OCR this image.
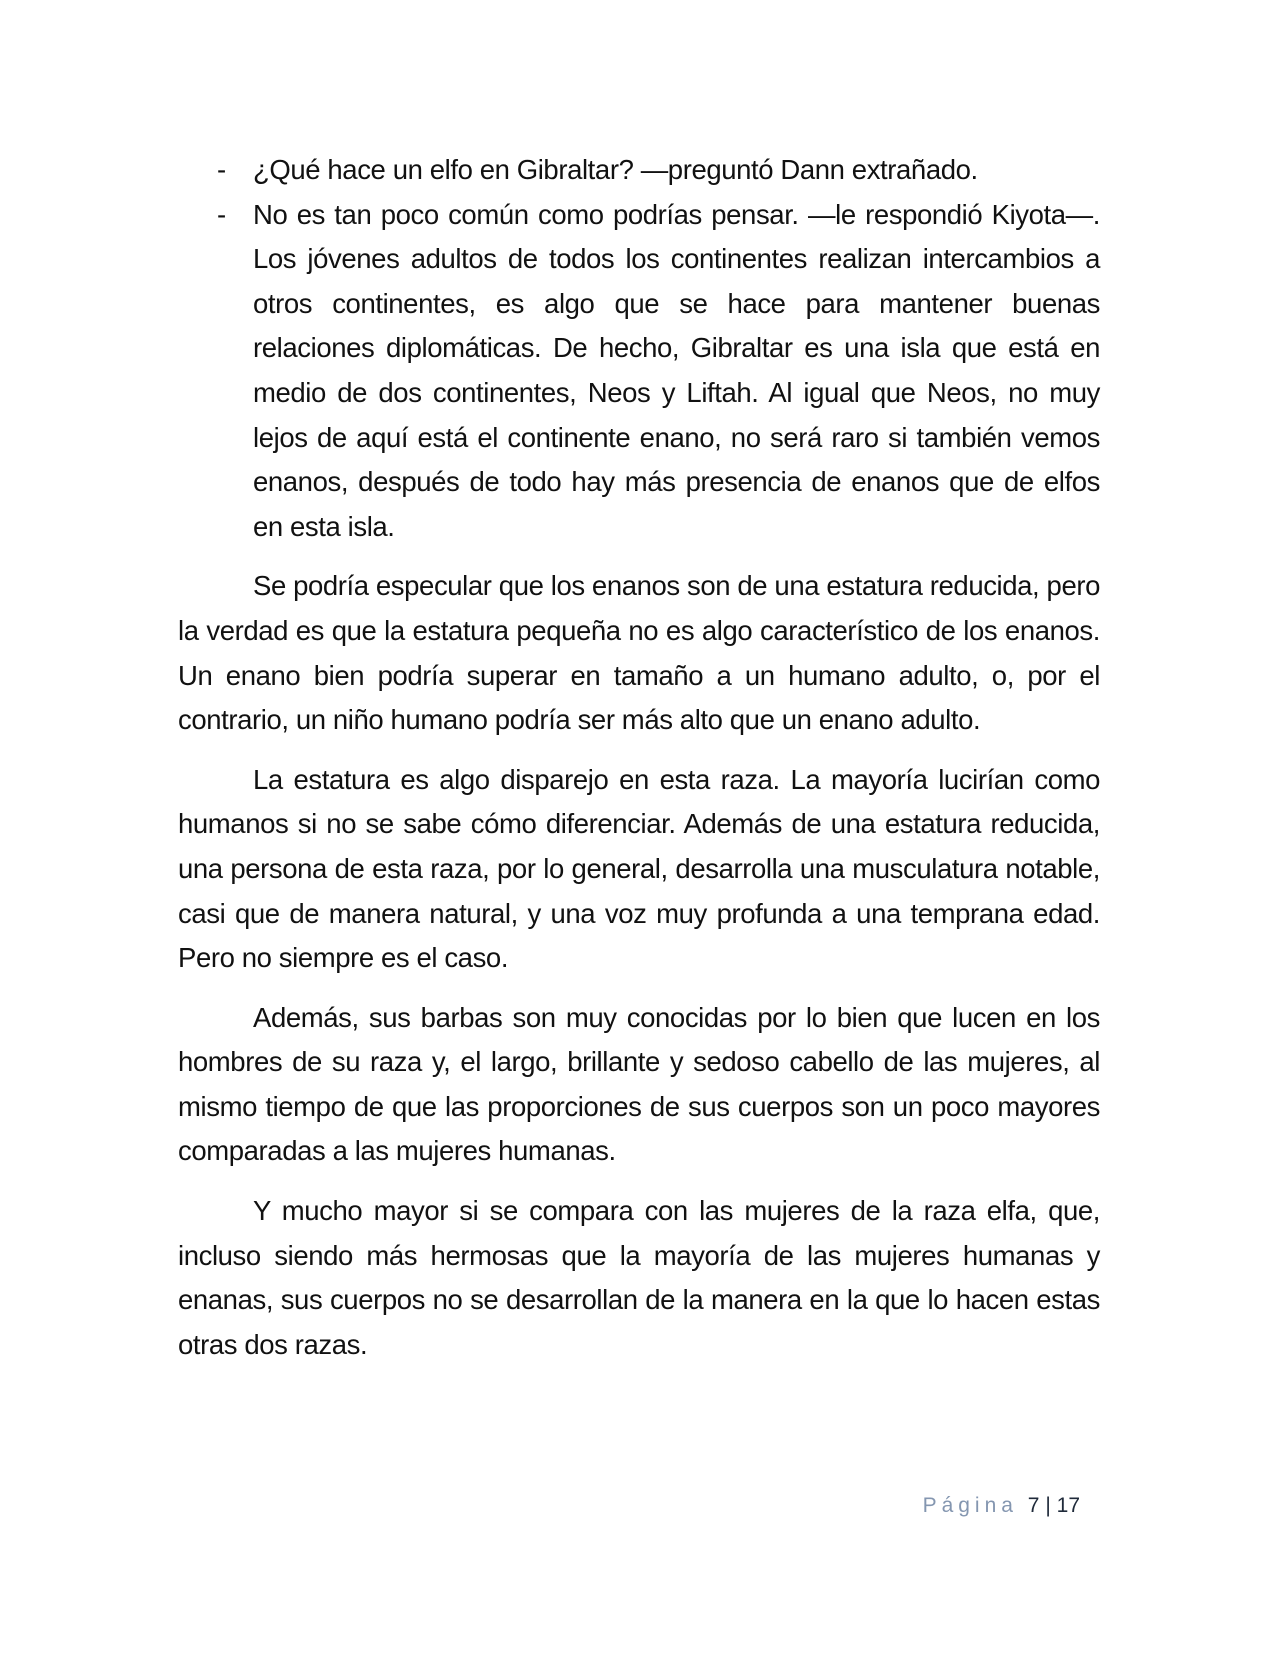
- ¿Qué hace un elfo en Gibraltar? —preguntó Dann extrañado.

- No es tan poco común como podrías pensar. —le respondió Kiyota—. Los jóvenes adultos de todos los continentes realizan intercambios a otros continentes, es algo que se hace para mantener buenas relaciones diplomáticas. De hecho, Gibraltar es una isla que está en medio de dos continentes, Neos y Liftah. Al igual que Neos, no muy lejos de aquí está el continente enano, no será raro si también vemos enanos, después de todo hay más presencia de enanos que de elfos en esta isla.

Se podría especular que los enanos son de una estatura reducida, pero la verdad es que la estatura pequeña no es algo característico de los enanos. Un enano bien podría superar en tamaño a un humano adulto, o, por el contrario, un niño humano podría ser más alto que un enano adulto.

La estatura es algo disparejo en esta raza. La mayoría lucirían como humanos si no se sabe cómo diferenciar. Además de una estatura reducida, una persona de esta raza, por lo general, desarrolla una musculatura notable, casi que de manera natural, y una voz muy profunda a una temprana edad. Pero no siempre es el caso.

Además, sus barbas son muy conocidas por lo bien que lucen en los hombres de su raza y, el largo, brillante y sedoso cabello de las mujeres, al mismo tiempo de que las proporciones de sus cuerpos son un poco mayores comparadas a las mujeres humanas.

Y mucho mayor si se compara con las mujeres de la raza elfa, que, incluso siendo más hermosas que la mayoría de las mujeres humanas y enanas, sus cuerpos no se desarrollan de la manera en la que lo hacen estas otras dos razas.

Página 7 | 17
